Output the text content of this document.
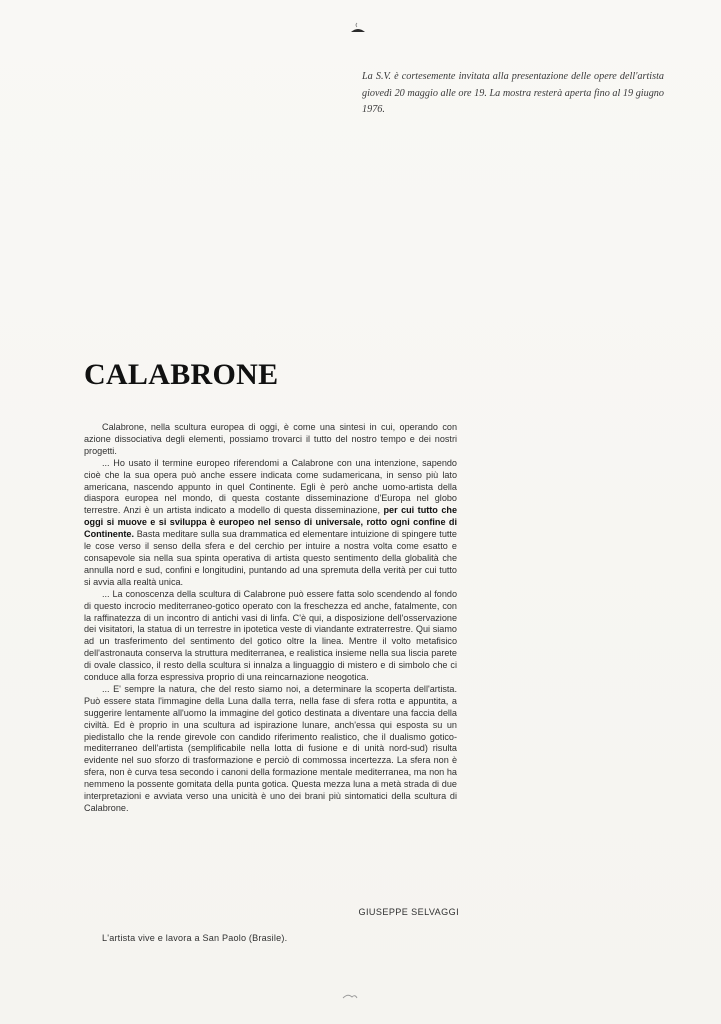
La S.V. è cortesemente invitata alla presentazione delle opere dell'artista giovedì 20 maggio alle ore 19. La mostra resterà aperta fino al 19 giugno 1976.

CALABRONE

Calabrone, nella scultura europea di oggi, è come una sintesi in cui, operando con azione dissociativa degli elementi, possiamo trovarci il tutto del nostro tempo e dei nostri progetti.

... Ho usato il termine europeo riferendomi a Calabrone con una intenzione, sapendo cioè che la sua opera può anche essere indicata come sudamericana, in senso più lato americana, nascendo appunto in quel Continente. Egli è però anche uomo-artista della diaspora europea nel mondo, di questa costante disseminazione d'Europa nel globo terrestre. Anzi è un artista indicato a modello di questa disseminazione, per cui tutto che oggi si muove e si sviluppa è europeo nel senso di universale, rotto ogni confine di Continente. Basta meditare sulla sua drammatica ed elementare intuizione di spingere tutte le cose verso il senso della sfera e del cerchio per intuire a nostra volta come esatto e consapevole sia nella sua spinta operativa di artista questo sentimento della globalità che annulla nord e sud, confini e longitudini, puntando ad una spremuta della verità per cui tutto si avvia alla realtà unica.

... La conoscenza della scultura di Calabrone può essere fatta solo scendendo al fondo di questo incrocio mediterraneo-gotico operato con la freschezza ed anche, fatalmente, con la raffinatezza di un incontro di antichi vasi di linfa. C'è qui, a disposizione dell'osservazione dei visitatori, la statua di un terrestre in ipotetica veste di viandante extraterrestre. Qui siamo ad un trasferimento del sentimento del gotico oltre la linea. Mentre il volto metafisico dell'astronauta conserva la struttura mediterranea, e realistica insieme nella sua liscia parete di ovale classico, il resto della scultura si innalza a linguaggio di mistero e di simbolo che ci conduce alla forza espressiva proprio di una reincarnazione neogotica.

... E' sempre la natura, che del resto siamo noi, a determinare la scoperta dell'artista. Può essere stata l'immagine della Luna dalla terra, nella fase di sfera rotta e appuntita, a suggerire lentamente all'uomo la immagine del gotico destinata a diventare una faccia della civiltà. Ed è proprio in una scultura ad ispirazione lunare, anch'essa qui esposta su un piedistallo che la rende girevole con candido riferimento realistico, che il dualismo gotico-mediterraneo dell'artista (semplificabile nella lotta di fusione e di unità nord-sud) risulta evidente nel suo sforzo di trasformazione e perciò di commossa incertezza. La sfera non è sfera, non è curva tesa secondo i canoni della formazione mentale mediterranea, ma non ha nemmeno la possente gomitata della punta gotica. Questa mezza luna a metà strada di due interpretazioni e avviata verso una unicità è uno dei brani più sintomatici della scultura di Calabrone.

GIUSEPPE SELVAGGI
L'artista vive e lavora a San Paolo (Brasile).
